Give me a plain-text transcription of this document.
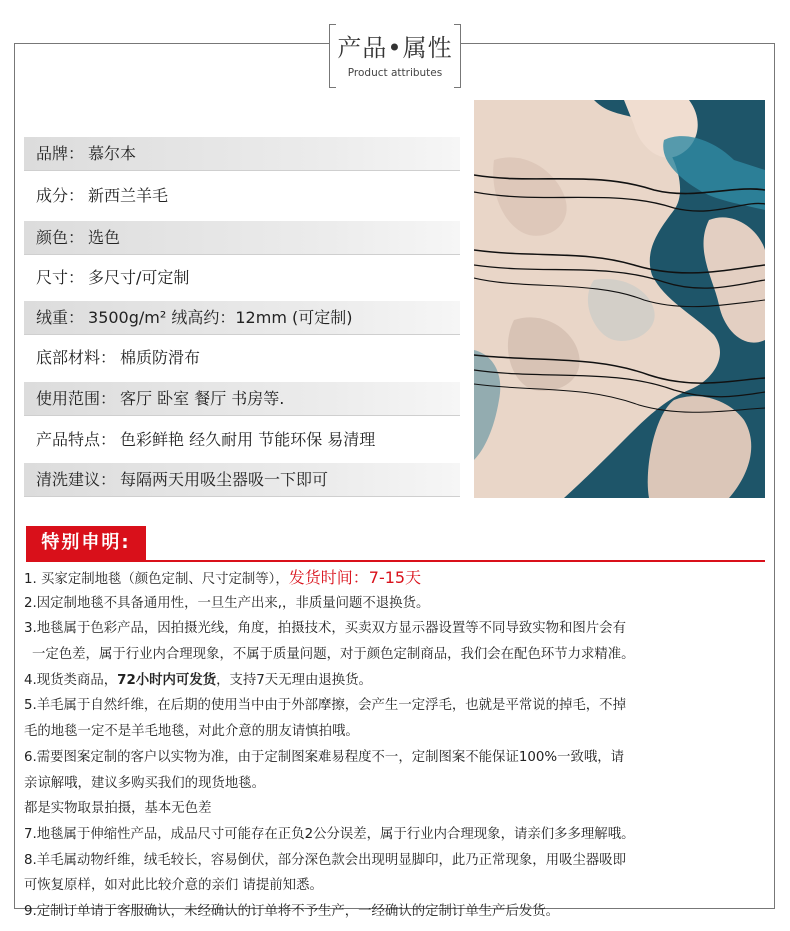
产品•属性
Product attributes
品牌： 慕尔本
成分： 新西兰羊毛
颜色： 选色
尺寸： 多尺寸/可定制
绒重： 3500g/m² 绒高约：12mm (可定制)
底部材料： 棉质防滑布
使用范围： 客厅 卧室 餐厅 书房等.
产品特点： 色彩鲜艳 经久耐用 节能环保 易清理
清洗建议： 每隔两天用吸尘器吸一下即可
特别申明:
1. 买家定制地毯（颜色定制、尺寸定制等），发货时间：7-15天
2.因定制地毯不具备通用性，一旦生产出来,，非质量问题不退换货。
3.地毯属于色彩产品，因拍摄光线，角度，拍摄技术，买卖双方显示器设置等不同导致实物和图片会有
一定色差，属于行业内合理现象，不属于质量问题，对于颜色定制商品，我们会在配色环节力求精准。
4.现货类商品，72小时内可发货，支持7天无理由退换货。
5.羊毛属于自然纤维，在后期的使用当中由于外部摩擦，会产生一定浮毛，也就是平常说的掉毛，不掉
毛的地毯一定不是羊毛地毯，对此介意的朋友请慎拍哦。
6.需要图案定制的客户以实物为准，由于定制图案难易程度不一，定制图案不能保证100%一致哦，请
亲谅解哦，建议多购买我们的现货地毯。
都是实物取景拍摄，基本无色差
7.地毯属于伸缩性产品，成品尺寸可能存在正负2公分误差，属于行业内合理现象，请亲们多多理解哦。
8.羊毛属动物纤维，绒毛较长，容易倒伏，部分深色款会出现明显脚印，此乃正常现象，用吸尘器吸即
可恢复原样，如对此比较介意的亲们 请提前知悉。
9.定制订单请于客服确认，未经确认的订单将不予生产，一经确认的定制订单生产后发货。
